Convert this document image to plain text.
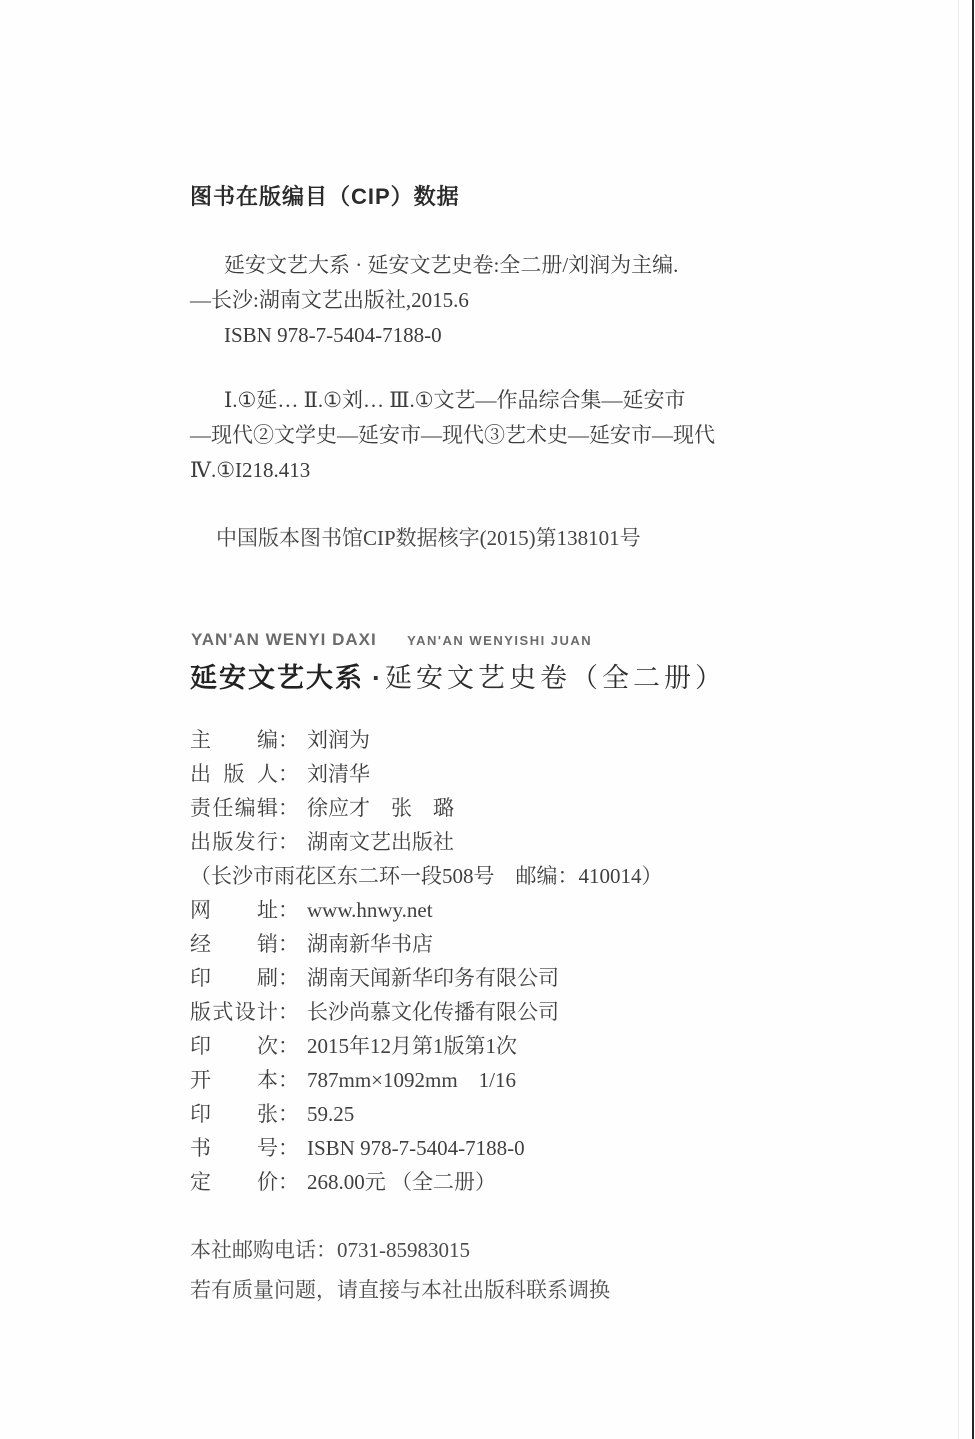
图书在版编目（CIP）数据
延安文艺大系 · 延安文艺史卷:全二册/刘润为主编.
—长沙:湖南文艺出版社,2015.6
ISBN 978-7-5404-7188-0
Ⅰ.①延… Ⅱ.①刘… Ⅲ.①文艺—作品综合集—延安市
—现代②文学史—延安市—现代③艺术史—延安市—现代
Ⅳ.①I218.413
中国版本图书馆CIP数据核字(2015)第138101号
YAN'AN WENYI DAXI YAN'AN WENYISHI JUAN
延安文艺大系 · 延安文艺史卷（全二册）
主编： 刘润为
出版人： 刘清华
责任编辑： 徐应才　张　璐
出版发行： 湖南文艺出版社
（长沙市雨花区东二环一段508号　邮编：410014）
网址： www.hnwy.net
经销： 湖南新华书店
印刷： 湖南天闻新华印务有限公司
版式设计： 长沙尚慕文化传播有限公司
印次： 2015年12月第1版第1次
开本： 787mm×1092mm　1/16
印张： 59.25
书号： ISBN 978-7-5404-7188-0
定价： 268.00元 （全二册）
本社邮购电话：0731-85983015
若有质量问题，请直接与本社出版科联系调换
